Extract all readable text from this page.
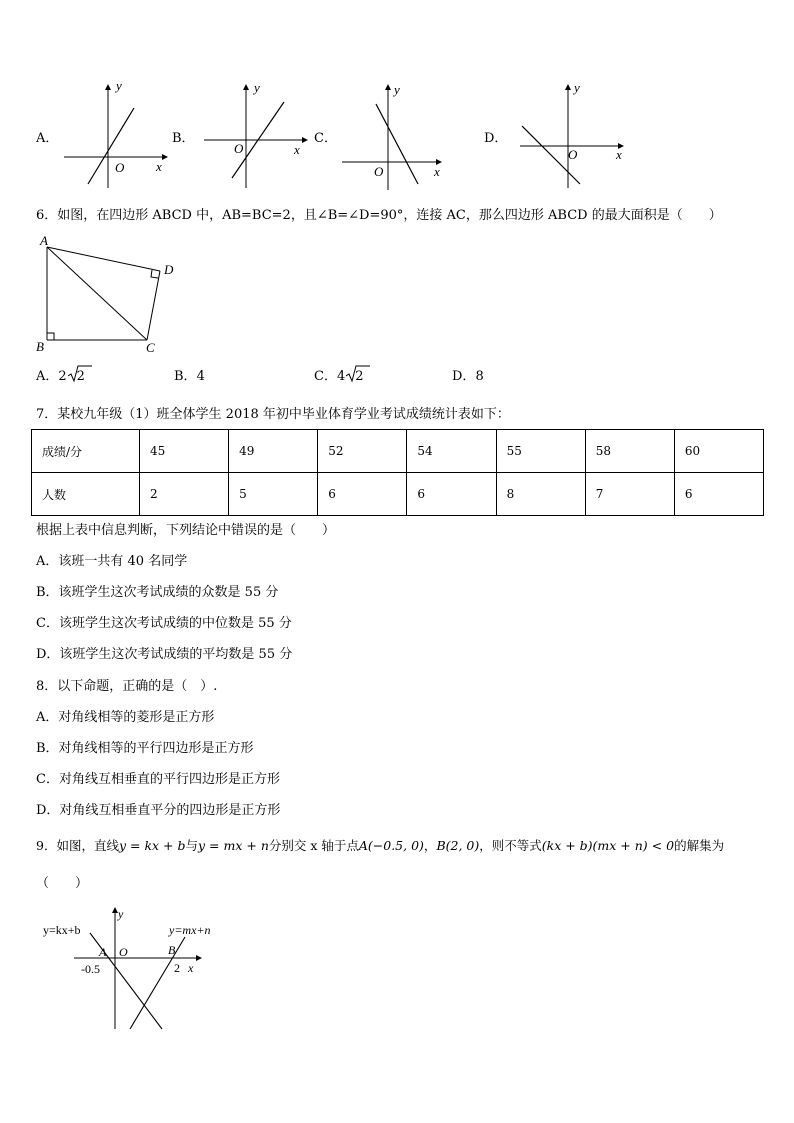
A．
O x
y
B．
O	x
y
C．
O	x
y
D．
O	x
y
6．如图，在四边形 ABCD 中，AB=BC=2，且∠B=∠D=90°，连接 AC，那么四边形 ABCD 的最大面积是（　　）
A
B	C
D
A．2 2	B．4	C．4 2	D．8
7．某校九年级（1）班全体学生 2018 年初中毕业体育学业考试成绩统计表如下：
成绩/分	45	49	52	54	55	58	60
人数	2	5	6	6	8	7	6
根据上表中信息判断，下列结论中错误的是（　　）
A．该班一共有 40 名同学
B．该班学生这次考试成绩的众数是 55 分
C．该班学生这次考试成绩的中位数是 55 分
D．该班学生这次考试成绩的平均数是 55 分
8．以下命题，正确的是（　）.
A．对角线相等的菱形是正方形
B．对角线相等的平行四边形是正方形
C．对角线互相垂直的平行四边形是正方形
D．对角线互相垂直平分的四边形是正方形
9．如图，直线y = kx + b与y = mx + n分别交 x 轴于点A(−0.5, 0)，B(2, 0)，则不等式(kx + b)(mx + n) < 0的解集为
（　　）
y=kx+b	y=mx+n
A O	B
-0.5	2 x
y
